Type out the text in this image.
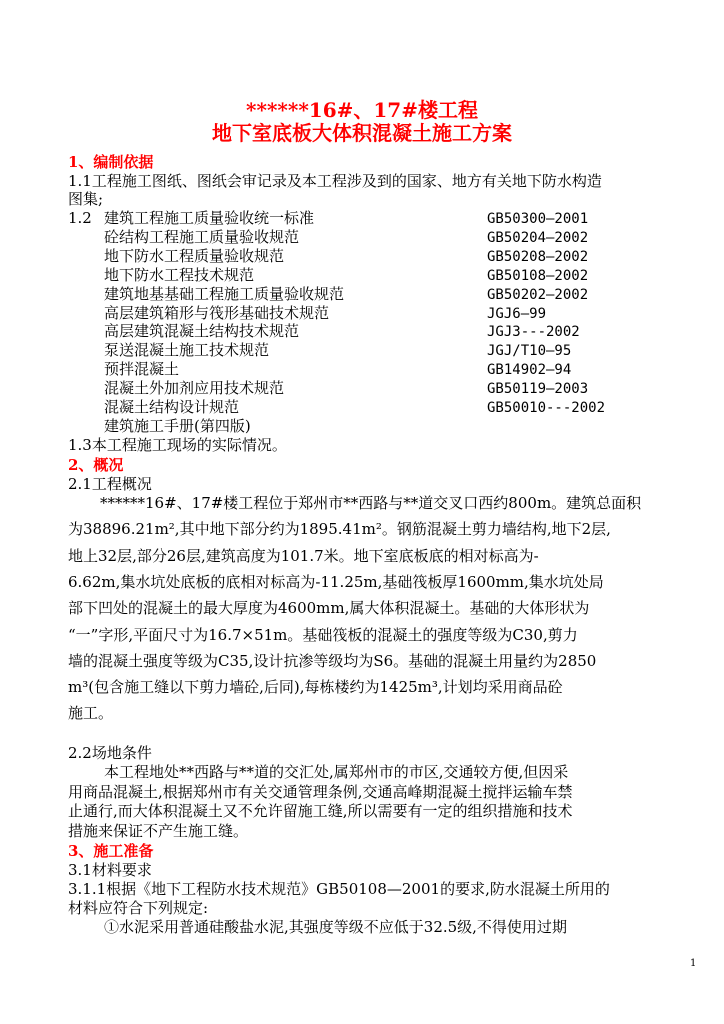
******16#、17#楼工程
地下室底板大体积混凝土施工方案
1、编制依据
1.1工程施工图纸、图纸会审记录及本工程涉及到的国家、地方有关地下防水构造
图集;
1.2 建筑工程施工质量验收统一标准	GB50300—2001
砼结构工程施工质量验收规范	GB50204—2002
地下防水工程质量验收规范	GB50208—2002
地下防水工程技术规范	GB50108—2002
建筑地基基础工程施工质量验收规范	GB50202—2002
高层建筑箱形与筏形基础技术规范	JGJ6—99
高层建筑混凝土结构技术规范	JGJ3---2002
泵送混凝土施工技术规范	JGJ/T10—95
预拌混凝土	GB14902—94
混凝土外加剂应用技术规范	GB50119—2003
混凝土结构设计规范	GB50010---2002
建筑施工手册(第四版)
1.3本工程施工现场的实际情况。
2、概况
2.1工程概况
******16#、17#楼工程位于郑州市**西路与**道交叉口西约800m。建筑总面积
为38896.21m²,其中地下部分约为1895.41m²。钢筋混凝土剪力墙结构,地下2层,
地上32层,部分26层,建筑高度为101.7米。地下室底板底的相对标高为-
6.62m,集水坑处底板的底相对标高为-11.25m,基础筏板厚1600mm,集水坑处局
部下凹处的混凝土的最大厚度为4600mm,属大体积混凝土。基础的大体形状为
“一”字形,平面尺寸为16.7×51m。基础筏板的混凝土的强度等级为C30,剪力
墙的混凝土强度等级为C35,设计抗渗等级均为S6。基础的混凝土用量约为2850
m³(包含施工缝以下剪力墙砼,后同),每栋楼约为1425m³,计划均采用商品砼
施工。
2.2场地条件
本工程地处**西路与**道的交汇处,属郑州市的市区,交通较方便,但因采
用商品混凝土,根据郑州市有关交通管理条例,交通高峰期混凝土搅拌运输车禁
止通行,而大体积混凝土又不允许留施工缝,所以需要有一定的组织措施和技术
措施来保证不产生施工缝。
3、施工准备
3.1材料要求
3.1.1根据《地下工程防水技术规范》GB50108—2001的要求,防水混凝土所用的
材料应符合下列规定:
①水泥采用普通硅酸盐水泥,其强度等级不应低于32.5级,不得使用过期
1
